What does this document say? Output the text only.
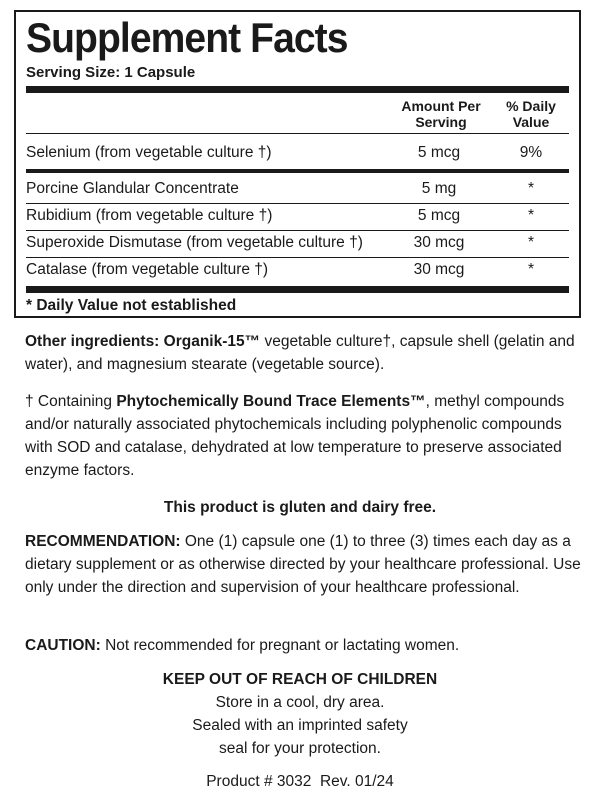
Supplement Facts
Serving Size: 1 Capsule
Amount Per
Serving
% Daily
Value
Selenium (from vegetable culture †)	5 mcg	9%
Porcine Glandular Concentrate	5 mg	*
Rubidium (from vegetable culture †)	5 mcg	*
Superoxide Dismutase (from vegetable culture †)	30 mcg	*
Catalase (from vegetable culture †)	30 mcg	*
* Daily Value not established
Other ingredients: Organik-15™ vegetable culture†, capsule shell (gelatin and water), and magnesium stearate (vegetable source).
† Containing Phytochemically Bound Trace Elements™, methyl compounds and/or naturally associated phytochemicals including polyphenolic compounds with SOD and catalase, dehydrated at low temperature to preserve associated enzyme factors.
This product is gluten and dairy free.
RECOMMENDATION: One (1) capsule one (1) to three (3) times each day as a dietary supplement or as otherwise directed by your healthcare professional. Use only under the direction and supervision of your healthcare professional.
CAUTION: Not recommended for pregnant or lactating women.
KEEP OUT OF REACH OF CHILDREN
Store in a cool, dry area.
Sealed with an imprinted safety
seal for your protection.
Product # 3032  Rev. 01/24
